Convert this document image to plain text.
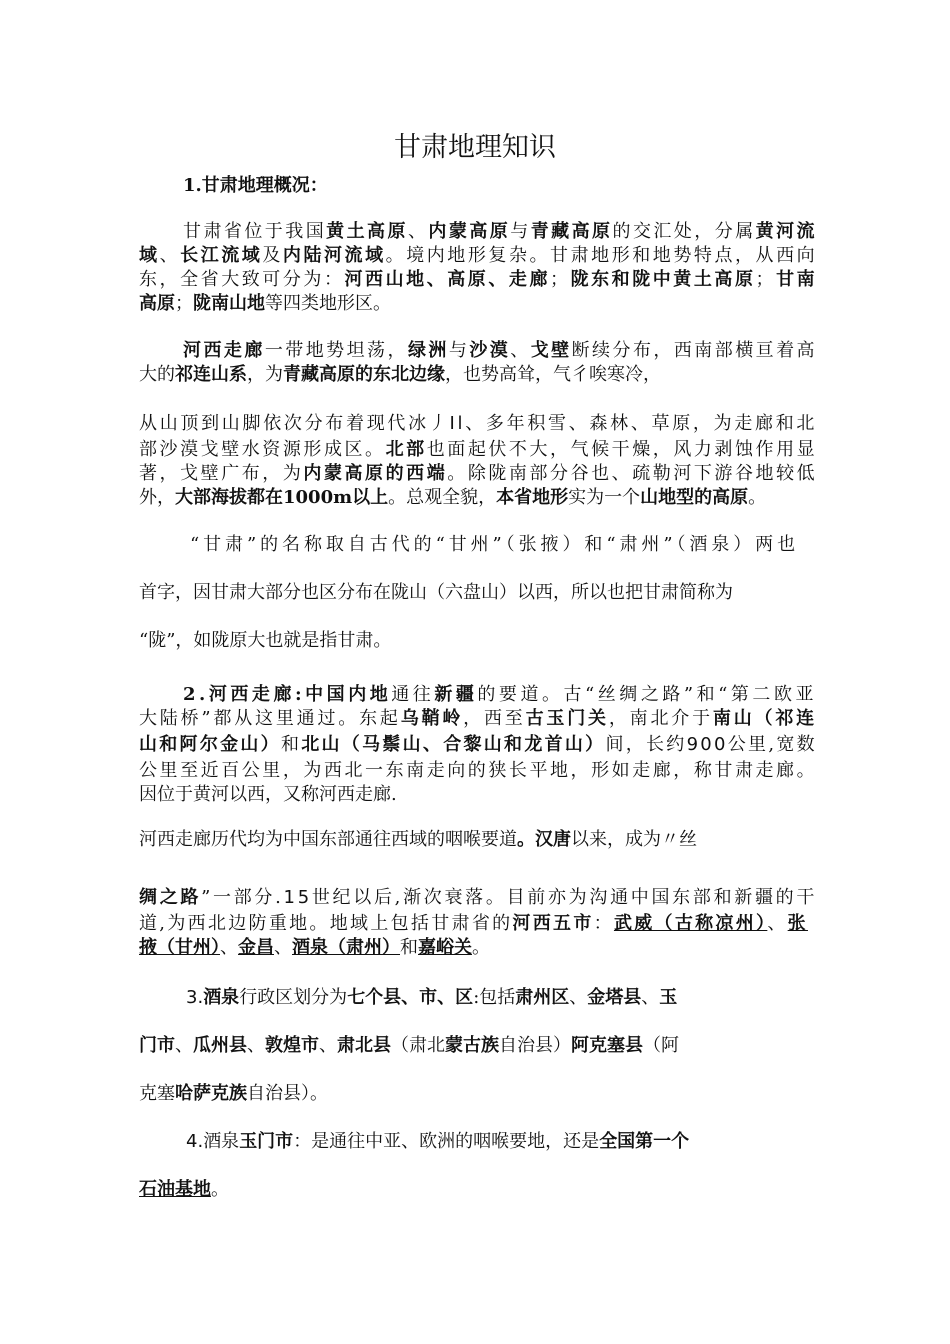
甘肃地理知识
1.甘肃地理概况：
甘肃省位于我国黄土高原、内蒙高原与青藏高原的交汇处，分属黄河流
域、长江流域及内陆河流域。境内地形复杂。甘肃地形和地势特点，从西向
东，全省大致可分为：河西山地、高原、走廊；陇东和陇中黄土高原；甘南
高原；陇南山地等四类地形区。
河西走廊一带地势坦荡，绿洲与沙漠、戈壁断续分布，西南部横亘着高
大的祁连山系，为青藏高原的东北边缘，也势高耸，气彳唉寒冷，
从山顶到山脚依次分布着现代冰丿Il、多年积雪、森林、草原，为走廊和北
部沙漠戈壁水资源形成区。北部也面起伏不大，气候干燥，风力剥蚀作用显
著，戈壁广布，为内蒙高原的西端。除陇南部分谷也、疏勒河下游谷地较低
外，大部海拔都在1000m以上。总观全貌，本省地形实为一个山地型的高原。
“甘肃”的名称取自古代的“甘州”（张掖）和“肃州”（酒泉）两也
首字，因甘肃大部分也区分布在陇山（六盘山）以西，所以也把甘肃简称为
“陇”，如陇原大也就是指甘肃。
2.河西走廊:中国内地通往新疆的要道。古“丝绸之路”和“第二欧亚
大陆桥”都从这里通过。东起乌鞘岭，西至古玉门关，南北介于南山（祁连
山和阿尔金山）和北山（马鬃山、合黎山和龙首山）间，长约900公里,宽数
公里至近百公里，为西北一东南走向的狭长平地，形如走廊，称甘肃走廊。
因位于黄河以西，又称河西走廊.
河西走廊历代均为中国东部通往西域的咽喉要道。汉唐以来，成为〃丝
绸之路”一部分.15世纪以后,渐次衰落。目前亦为沟通中国东部和新疆的干
道,为西北边防重地。地域上包括甘肃省的河西五市：武威（古称凉州）、张
掖（甘州）、金昌、酒泉（肃州）和嘉峪关。
3.酒泉行政区划分为七个县、市、区:包括肃州区、金塔县、玉
门市、瓜州县、敦煌市、肃北县（肃北蒙古族自治县）阿克塞县（阿
克塞哈萨克族自治县）。
4.酒泉玉门市：是通往中亚、欧洲的咽喉要地，还是全国第一个
石油基地。
